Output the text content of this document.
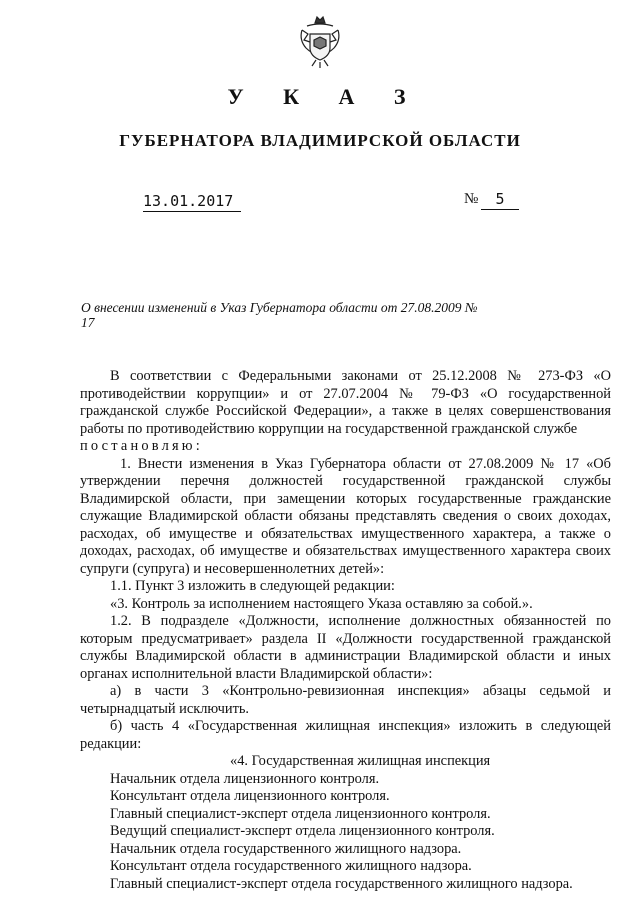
У К А З
ГУБЕРНАТОРА ВЛАДИМИРСКОЙ ОБЛАСТИ
13.01.2017	№	5
О внесении изменений в Указ Губернатора области от 27.08.2009 № 17

В соответствии с Федеральными законами от 25.12.2008 № 273-ФЗ «О противодействии коррупции» и от 27.07.2004 № 79-ФЗ «О государственной гражданской службе Российской Федерации», а также в целях совершенствования работы по противодействию коррупции на государственной гражданской службе

постановляю:

1. Внести изменения в Указ Губернатора области от 27.08.2009 № 17 «Об утверждении перечня должностей государственной гражданской службы Владимирской области, при замещении которых государственные гражданские служащие Владимирской области обязаны представлять сведения о своих доходах, расходах, об имуществе и обязательствах имущественного характера, а также о доходах, расходах, об имуществе и обязательствах имущественного характера своих супруги (супруга) и несовершеннолетних детей»:

1.1. Пункт 3 изложить в следующей редакции:

«3. Контроль за исполнением настоящего Указа оставляю за собой.».

1.2. В подразделе «Должности, исполнение должностных обязанностей по которым предусматривает» раздела II «Должности государственной гражданской службы Владимирской области в администрации Владимирской области и иных органах исполнительной власти Владимирской области»:

а) в части 3 «Контрольно-ревизионная инспекция» абзацы седьмой и четырнадцатый исключить.

б) часть 4 «Государственная жилищная инспекция» изложить в следующей редакции:

«4. Государственная жилищная инспекция

Начальник отдела лицензионного контроля.

Консультант отдела лицензионного контроля.

Главный специалист-эксперт отдела лицензионного контроля.

Ведущий специалист-эксперт отдела лицензионного контроля.

Начальник отдела государственного жилищного надзора.

Консультант отдела государственного жилищного надзора.

Главный специалист-эксперт отдела государственного жилищного надзора.
